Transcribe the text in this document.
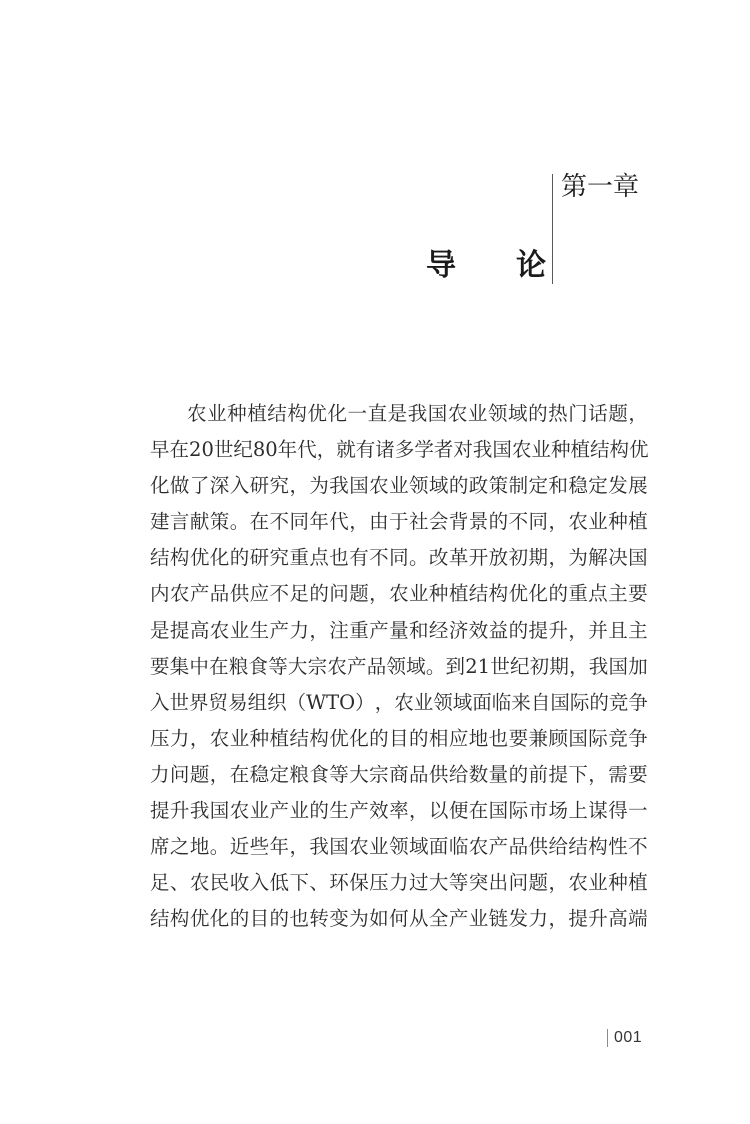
第一章
导 论
农 业 种 植 结 构 优 化 一 直 是 我 国 农 业 领 域 的 热 门 话 题 ，
早 在 20 世 纪 80 年 代 ， 就 有 诸 多 学 者 对 我 国 农 业 种 植 结 构 优
化 做 了 深 入 研 究 ， 为 我 国 农 业 领 域 的 政 策 制 定 和 稳 定 发 展
建 言 献 策 。 在 不 同 年 代 ， 由 于 社 会 背 景 的 不 同 ， 农 业 种 植
结 构 优 化 的 研 究 重 点 也 有 不 同 。 改 革 开 放 初 期 ， 为 解 决 国
内 农 产 品 供 应 不 足 的 问 题 ， 农 业 种 植 结 构 优 化 的 重 点 主 要
是 提 高 农 业 生 产 力 ， 注 重 产 量 和 经 济 效 益 的 提 升 ， 并 且 主
要 集 中 在 粮 食 等 大 宗 农 产 品 领 域 。 到 21 世 纪 初 期 ， 我 国 加
入 世 界 贸 易 组 织 （ WTO ） ， 农 业 领 域 面 临 来 自 国 际 的 竞 争
压 力 ， 农 业 种 植 结 构 优 化 的 目 的 相 应 地 也 要 兼 顾 国 际 竞 争
力 问 题 ， 在 稳 定 粮 食 等 大 宗 商 品 供 给 数 量 的 前 提 下 ， 需 要
提 升 我 国 农 业 产 业 的 生 产 效 率 ， 以 便 在 国 际 市 场 上 谋 得 一
席 之 地 。 近 些 年 ， 我 国 农 业 领 域 面 临 农 产 品 供 给 结 构 性 不
足 、 农 民 收 入 低 下 、 环 保 压 力 过 大 等 突 出 问 题 ， 农 业 种 植
结 构 优 化 的 目 的 也 转 变 为 如 何 从 全 产 业 链 发 力 ， 提 升 高 端
001
